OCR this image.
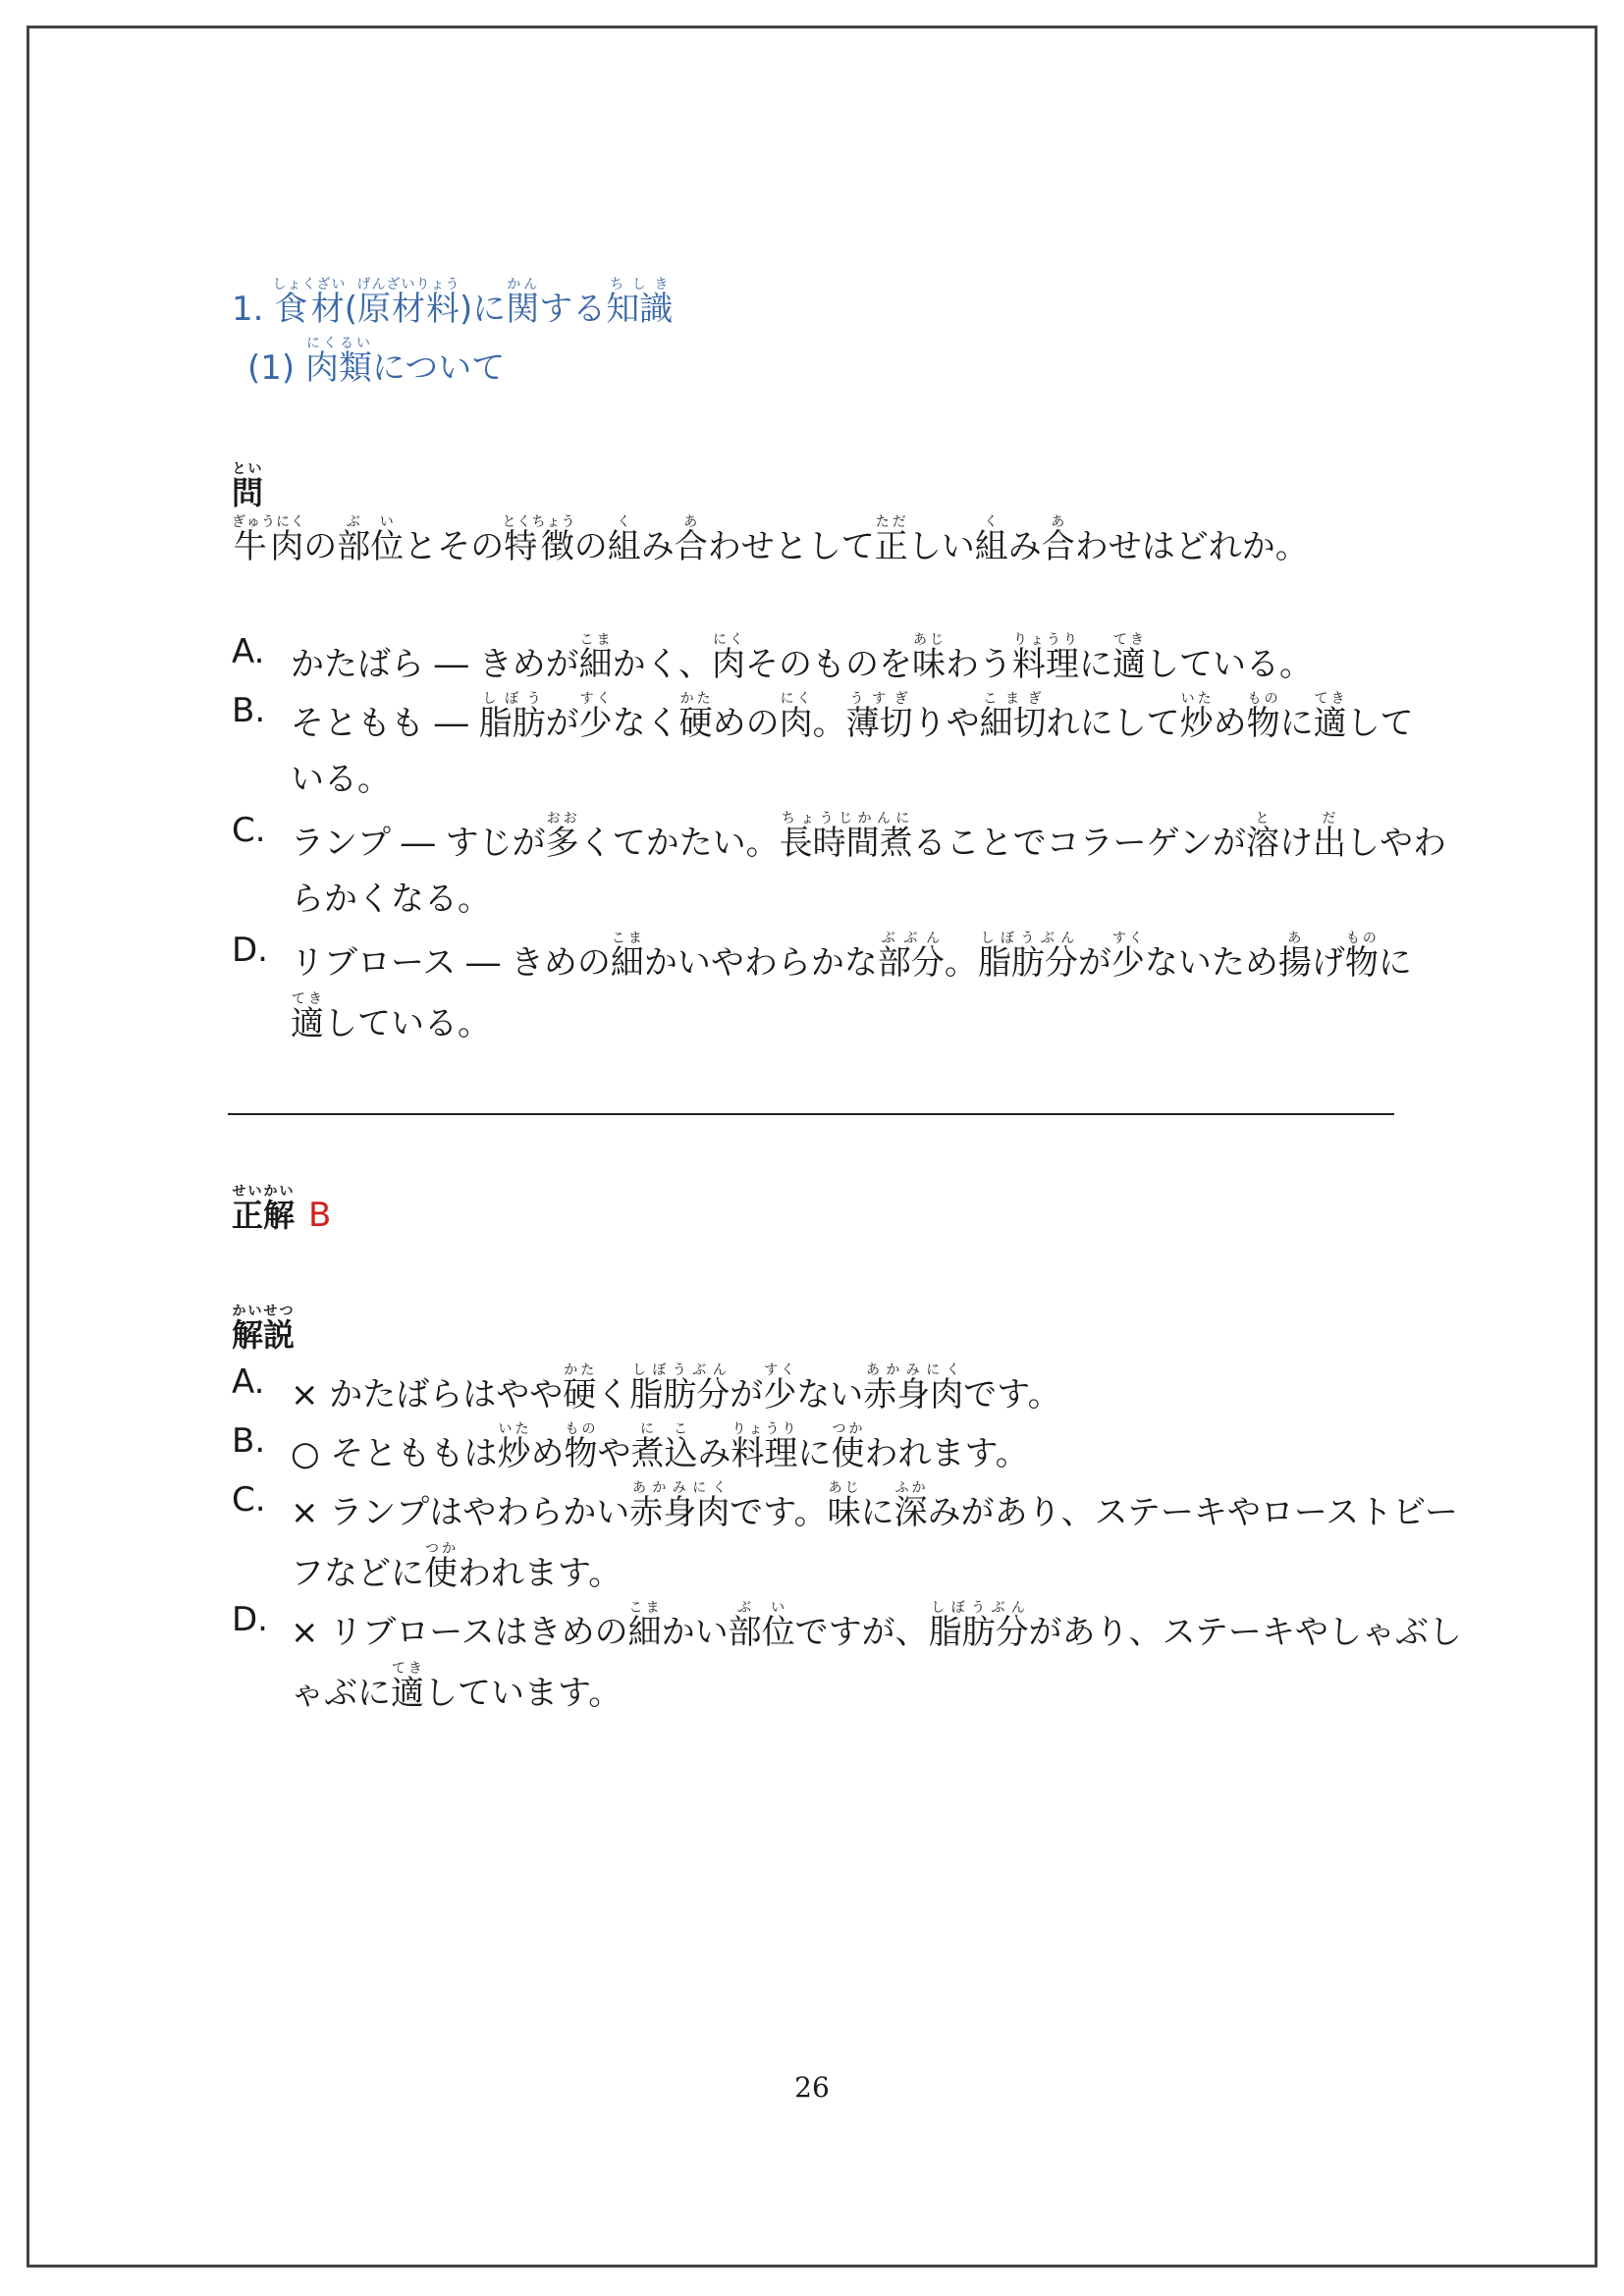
1. 食材しょくざい(原材料げんざいりょう)に関かんする知識ちしき
(1) 肉類にくるいについて
問とい
牛肉ぎゅうにくの部位ぶいとその特徴とくちょうの組くみ合あわせとして正ただしい組くみ合あわせはどれか。
A. かたばら ― きめが細こまかく、肉にくそのものを味あじわう料理りょうりに適てきしている。
B. そともも ― 脂肪しぼうが少すくなく硬かための肉にく。薄切うすぎりや細切こまぎれにして炒いため物ものに適てきして
いる。
C. ランプ ― すじが多おおくてかたい。長時間煮ちょうじかんにることでコラーゲンが溶とけ出だしやわ
らかくなる。
D. リブロース ― きめの細こまかいやわらかな部分ぶぶん。脂肪分しぼうぶんが少すくないため揚あげ物ものに
適てきしている。
正解せいかいB
解説かいせつ
A. × かたばらはやや硬かたく脂肪分しぼうぶんが少すくない赤身肉あかみにくです。
B. ○ そとももは炒いため物ものや煮込にこみ料理りょうりに使つかわれます。
C. × ランプはやわらかい赤身肉あかみにくです。味あじに深ふかみがあり、ステーキやローストビー
フなどに使つかわれます。
D. × リブロースはきめの細こまかい部位ぶいですが、脂肪分しぼうぶんがあり、ステーキやしゃぶし
ゃぶに適てきしています。
26
